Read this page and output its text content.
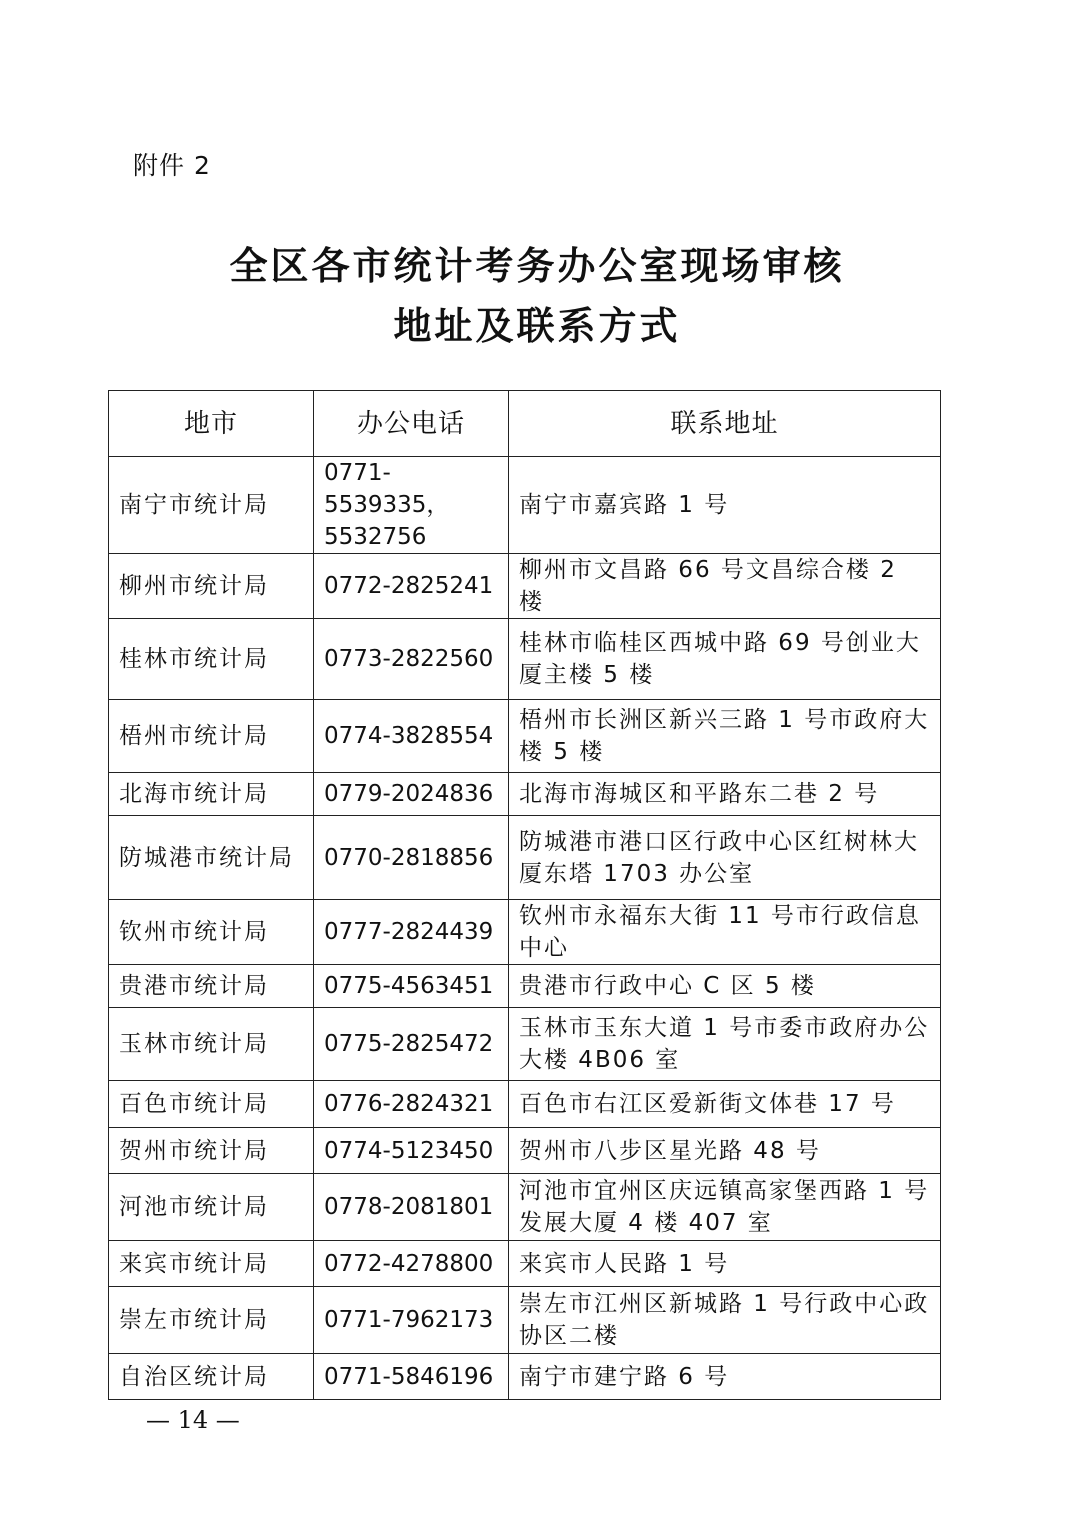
附件 2
全区各市统计考务办公室现场审核
地址及联系方式
地市	办公电话	联系地址
南宁市统计局	0771-5539335，5532756	南宁市嘉宾路 1 号
柳州市统计局	0772-2825241	柳州市文昌路 66 号文昌综合楼 2 楼
桂林市统计局	0773-2822560	桂林市临桂区西城中路 69 号创业大厦主楼 5 楼
梧州市统计局	0774-3828554	梧州市长洲区新兴三路 1 号市政府大楼 5 楼
北海市统计局	0779-2024836	北海市海城区和平路东二巷 2 号
防城港市统计局	0770-2818856	防城港市港口区行政中心区红树林大厦东塔 1703 办公室
钦州市统计局	0777-2824439	钦州市永福东大街 11 号市行政信息中心
贵港市统计局	0775-4563451	贵港市行政中心 C 区 5 楼
玉林市统计局	0775-2825472	玉林市玉东大道 1 号市委市政府办公大楼 4B06 室
百色市统计局	0776-2824321	百色市右江区爱新街文体巷 17 号
贺州市统计局	0774-5123450	贺州市八步区星光路 48 号
河池市统计局	0778-2081801	河池市宜州区庆远镇高家堡西路 1 号发展大厦 4 楼 407 室
来宾市统计局	0772-4278800	来宾市人民路 1 号
崇左市统计局	0771-7962173	崇左市江州区新城路 1 号行政中心政协区二楼
自治区统计局	0771-5846196	南宁市建宁路 6 号
— 14 —
